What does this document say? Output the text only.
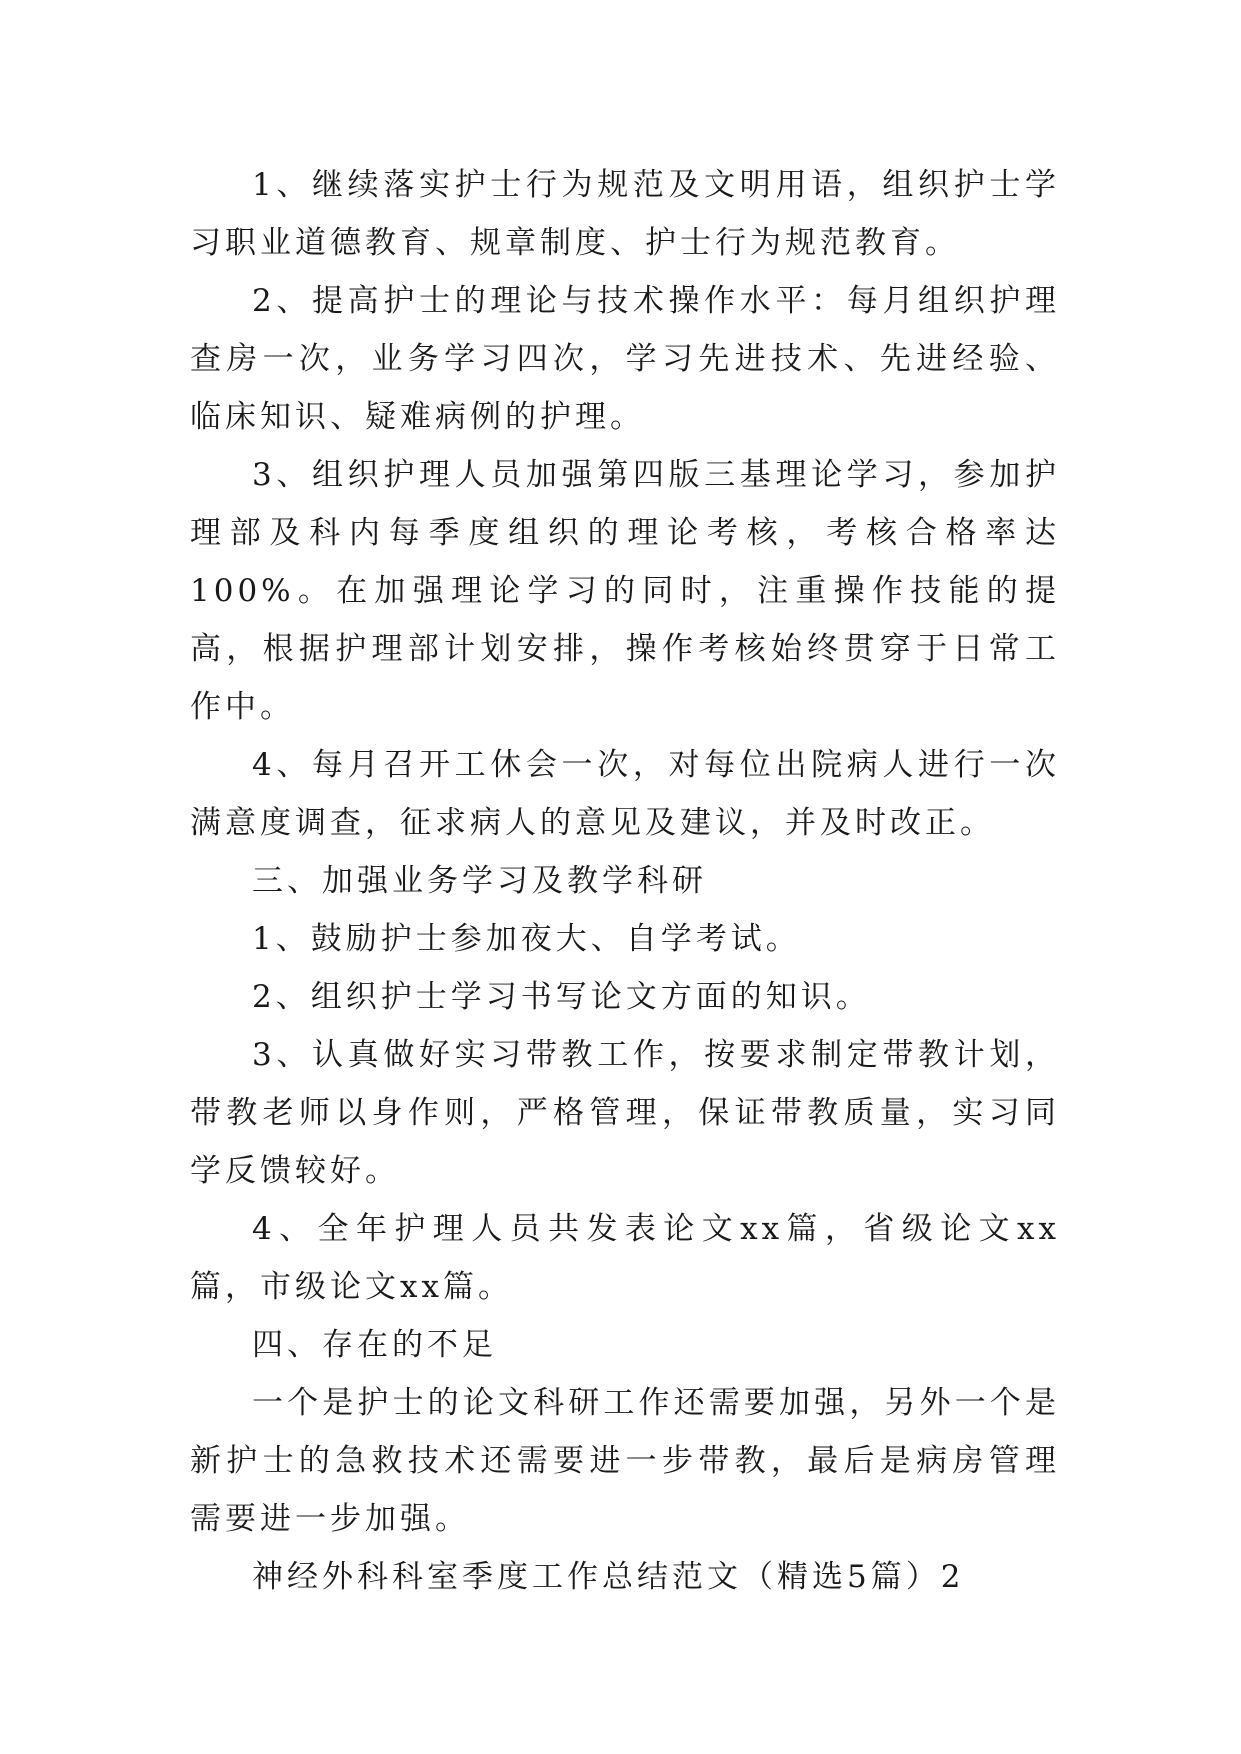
1、继续落实护士行为规范及文明用语，组织护士学习职业道德教育、规章制度、护士行为规范教育。

2、提高护士的理论与技术操作水平：每月组织护理查房一次，业务学习四次，学习先进技术、先进经验、临床知识、疑难病例的护理。

3、组织护理人员加强第四版三基理论学习，参加护理部及科内每季度组织的理论考核，考核合格率达100%。在加强理论学习的同时，注重操作技能的提高，根据护理部计划安排，操作考核始终贯穿于日常工作中。

4、每月召开工休会一次，对每位出院病人进行一次满意度调查，征求病人的意见及建议，并及时改正。

三、加强业务学习及教学科研

1、鼓励护士参加夜大、自学考试。

2、组织护士学习书写论文方面的知识。

3、认真做好实习带教工作，按要求制定带教计划，带教老师以身作则，严格管理，保证带教质量，实习同学反馈较好。

4、全年护理人员共发表论文xx篇，省级论文xx篇，市级论文xx篇。

四、存在的不足

一个是护士的论文科研工作还需要加强，另外一个是新护士的急救技术还需要进一步带教，最后是病房管理需要进一步加强。

神经外科科室季度工作总结范文（精选5篇）2
